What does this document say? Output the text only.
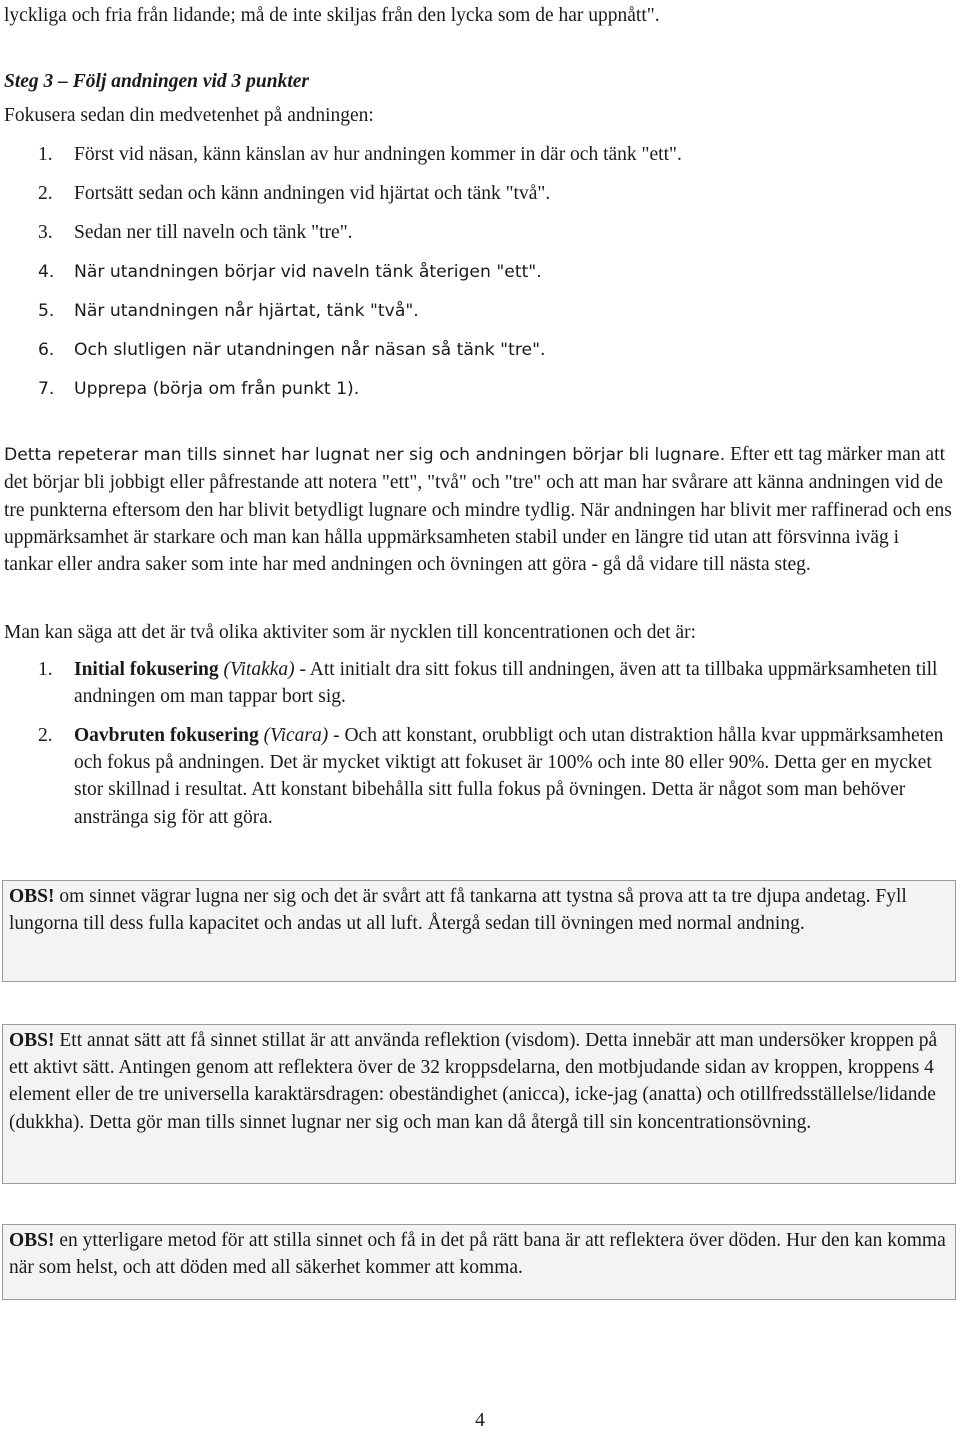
lyckliga och fria från lidande; må de inte skiljas från den lycka som de har uppnått".
Steg 3 – Följ andningen vid 3 punkter
Fokusera sedan din medvetenhet på andningen:
1. Först vid näsan, känn känslan av hur andningen kommer in där och tänk "ett".
2. Fortsätt sedan och känn andningen vid hjärtat och tänk "två".
3. Sedan ner till naveln och tänk "tre".
4. När utandningen börjar vid naveln tänk återigen "ett".
5. När utandningen når hjärtat, tänk "två".
6. Och slutligen när utandningen når näsan så tänk "tre".
7. Upprepa (börja om från punkt 1).
Detta repeterar man tills sinnet har lugnat ner sig och andningen börjar bli lugnare. Efter ett tag märker man att det börjar bli jobbigt eller påfrestande att notera "ett", "två" och "tre" och att man har svårare att känna andningen vid de tre punkterna eftersom den har blivit betydligt lugnare och mindre tydlig. När andningen har blivit mer raffinerad och ens uppmärksamhet är starkare och man kan hålla uppmärksamheten stabil under en längre tid utan att försvinna iväg i tankar eller andra saker som inte har med andningen och övningen att göra - gå då vidare till nästa steg.
Man kan säga att det är två olika aktiviter som är nycklen till koncentrationen och det är:
1. Initial fokusering (Vitakka) - Att initialt dra sitt fokus till andningen, även att ta tillbaka uppmärksamheten till andningen om man tappar bort sig.
2. Oavbruten fokusering (Vicara) - Och att konstant, orubbligt och utan distraktion hålla kvar uppmärksamheten och fokus på andningen. Det är mycket viktigt att fokuset är 100% och inte 80 eller 90%. Detta ger en mycket stor skillnad i resultat. Att konstant bibehålla sitt fulla fokus på övningen. Detta är något som man behöver anstränga sig för att göra.
OBS! om sinnet vägrar lugna ner sig och det är svårt att få tankarna att tystna så prova att ta tre djupa andetag. Fyll lungorna till dess fulla kapacitet och andas ut all luft. Återgå sedan till övningen med normal andning.
OBS! Ett annat sätt att få sinnet stillat är att använda reflektion (visdom). Detta innebär att man undersöker kroppen på ett aktivt sätt. Antingen genom att reflektera över de 32 kroppsdelarna, den motbjudande sidan av kroppen, kroppens 4 element eller de tre universella karaktärsdragen: obeständighet (anicca), icke-jag (anatta) och otillfredsställelse/lidande (dukkha). Detta gör man tills sinnet lugnar ner sig och man kan då återgå till sin koncentrationsövning.
OBS! en ytterligare metod för att stilla sinnet och få in det på rätt bana är att reflektera över döden. Hur den kan komma när som helst, och att döden med all säkerhet kommer att komma.
4
